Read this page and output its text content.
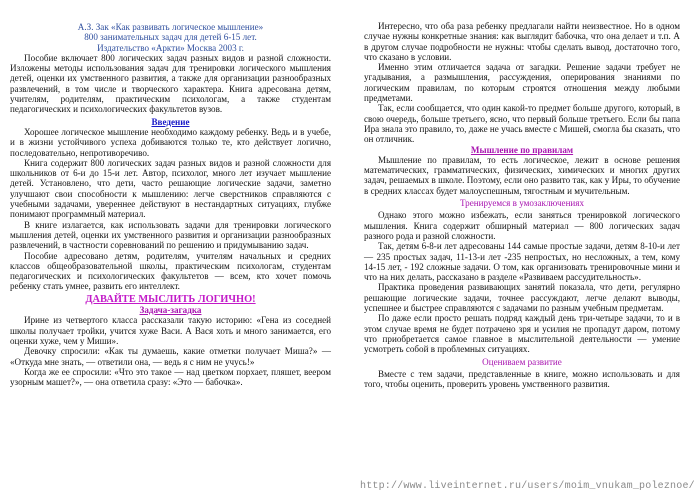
А.З. Зак «Как развивать логическое мышление»

800 занимательных задач для детей 6-15 лет.

Издательство «Аркти» Москва 2003 г.

Пособие включает 800 логических задач разных видов и разной сложности. Изложены методы использования задач для тренировки логического мышления детей, оценки их умственного развития, а также для организации разнообразных развлечений, в том числе и творческого характера. Книга адресована детям, учителям, родителям, практическим психологам, а также студентам педагогических и психологических факультетов вузов.

Введение

Хорошее логическое мышление необходимо каждому ребенку. Ведь и в учебе, и в жизни устойчивого успеха добиваются только те, кто действует логично, последовательно, непротиворечиво.

Книга содержит 800 логических задач разных видов и разной сложности для школьников от 6-и до 15-и лет. Автор, психолог, много лет изучает мышление детей. Установлено, что дети, часто решающие логические задачи, заметно улучшают свои способности к мышлению: легче сверстников справляются с учебными задачами, увереннее действуют в нестандартных ситуациях, глубже понимают программный материал.

В книге излагается, как использовать задачи для тренировки логического мышления детей, оценки их умственного развития и организации разнообразных развлечений, в частности соревнований по решению и придумыванию задач.

Пособие адресовано детям, родителям, учителям начальных и средних классов общеобразовательной школы, практическим психологам, студентам педагогических и психологических факультетов — всем, кто хочет помочь ребенку стать умнее, развить его интеллект.

ДАВАЙТЕ МЫСЛИТЬ ЛОГИЧНО!

Задача-загадка

Ирине из четвертого класса рассказали такую историю: «Гена из соседней школы получает тройки, учится хуже Васи. А Вася хоть и много занимается, его оценки хуже, чем у Миши».

Девочку спросили: «Как ты думаешь, какие отметки получает Миша?» — «Откуда мне знать, — ответили она, — ведь я с ним не учусь!»

Когда же ее спросили: «Что это такое — над цветком порхает, пляшет, веером узорным машет?», — она ответила сразу: «Это — бабочка».

Интересно, что оба раза ребенку предлагали найти неизвестное. Но в одном случае нужны конкретные знания: как выглядит бабочка, что она делает и т.п. А в другом случае подробности не нужны: чтобы сделать вывод, достаточно того, что сказано в условии.

Именно этим отличается задача от загадки. Решение задачи требует не угадывания, а размышления, рассуждения, оперирования знаниями по логическим правилам, по которым строятся отношения между любыми предметами.

Так, если сообщается, что один какой-то предмет больше другого, который, в свою очередь, больше третьего, ясно, что первый больше третьего. Если бы папа Ира знала это правило, то, даже не учась вместе с Мишей, смогла бы сказать, что он отличник.

Мышление по правилам

Мышление по правилам, то есть логическое, лежит в основе решения математических, грамматических, физических, химических и многих других задач, решаемых в школе. Поэтому, если оно развито так, как у Иры, то обучение в средних классах будет малоуспешным, тягостным и мучительным.

Тренируемся в умозаключениях

Однако этого можно избежать, если заняться тренировкой логического мышления. Книга содержит обширный материал — 800 логических задач разного рода и разной сложности.

Так, детям 6-8-и лет адресованы 144 самые простые задачи, детям 8-10-и лет — 235 простых задач, 11-13-и лет -235 непростых, но несложных, а тем, кому 14-15 лет, - 192 сложные задачи. О том, как организовать тренировочные мини и что на них делать, рассказано в разделе «Развиваем рассудительность».

Практика проведения развивающих занятий показала, что дети, регулярно решающие логические задачи, точнее рассуждают, легче делают выводы, успешнее и быстрее справляются с задачами по разным учебным предметам.

По даже если просто решать подряд каждый день три-четыре задачи, то и в этом случае время не будет потрачено зря и усилия не пропадут даром, потому что приобретается самое главное в мыслительной деятельности — умение усмотреть собой в проблемных ситуациях.

Оцениваем развитие

Вместе с тем задачи, представленные в книге, можно использовать и для того, чтобы оценить, проверить уровень умственного развития.

http://www.liveinternet.ru/users/moim_vnukam_poleznoe/
